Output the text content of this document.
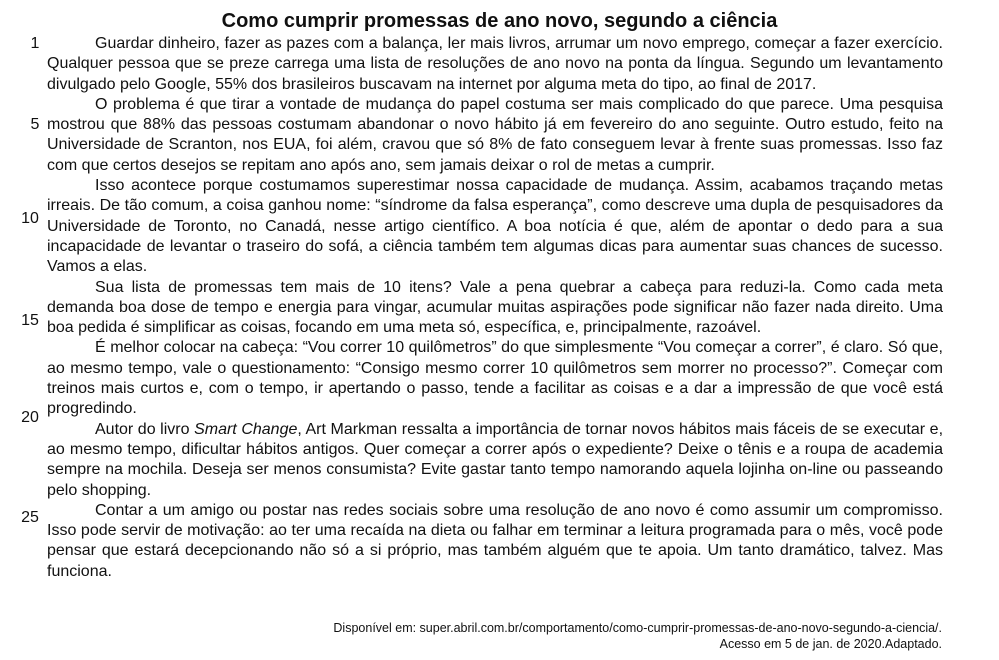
Como cumprir promessas de ano novo, segundo a ciência
1
5
10
15
20
25

Guardar dinheiro, fazer as pazes com a balança, ler mais livros, arrumar um novo emprego, começar a fazer exercício. Qualquer pessoa que se preze carrega uma lista de resoluções de ano novo na ponta da língua. Segundo um levantamento divulgado pelo Google, 55% dos brasileiros buscavam na internet por alguma meta do tipo, ao final de 2017.

O problema é que tirar a vontade de mudança do papel costuma ser mais complicado do que parece. Uma pesquisa mostrou que 88% das pessoas costumam abandonar o novo hábito já em fevereiro do ano seguinte. Outro estudo, feito na Universidade de Scranton, nos EUA, foi além, cravou que só 8% de fato conseguem levar à frente suas promessas. Isso faz com que certos desejos se repitam ano após ano, sem jamais deixar o rol de metas a cumprir.

Isso acontece porque costumamos superestimar nossa capacidade de mudança. Assim, acabamos traçando metas irreais. De tão comum, a coisa ganhou nome: “síndrome da falsa esperança”, como descreve uma dupla de pesquisadores da Universidade de Toronto, no Canadá, nesse artigo científico. A boa notícia é que, além de apontar o dedo para a sua incapacidade de levantar o traseiro do sofá, a ciência também tem algumas dicas para aumentar suas chances de sucesso. Vamos a elas.

Sua lista de promessas tem mais de 10 itens? Vale a pena quebrar a cabeça para reduzi-la. Como cada meta demanda boa dose de tempo e energia para vingar, acumular muitas aspirações pode significar não fazer nada direito. Uma boa pedida é simplificar as coisas, focando em uma meta só, específica, e, principalmente, razoável.

É melhor colocar na cabeça: “Vou correr 10 quilômetros” do que simplesmente “Vou começar a correr”, é claro. Só que, ao mesmo tempo, vale o questionamento: “Consigo mesmo correr 10 quilômetros sem morrer no processo?”. Começar com treinos mais curtos e, com o tempo, ir apertando o passo, tende a facilitar as coisas e a dar a impressão de que você está progredindo.

Autor do livro Smart Change, Art Markman ressalta a importância de tornar novos hábitos mais fáceis de se executar e, ao mesmo tempo, dificultar hábitos antigos. Quer começar a correr após o expediente? Deixe o tênis e a roupa de academia sempre na mochila. Deseja ser menos consumista? Evite gastar tanto tempo namorando aquela lojinha on-line ou passeando pelo shopping.

Contar a um amigo ou postar nas redes sociais sobre uma resolução de ano novo é como assumir um compromisso. Isso pode servir de motivação: ao ter uma recaída na dieta ou falhar em terminar a leitura programada para o mês, você pode pensar que estará decepcionando não só a si próprio, mas também alguém que te apoia. Um tanto dramático, talvez. Mas funciona.

Disponível em: super.abril.com.br/comportamento/como-cumprir-promessas-de-ano-novo-segundo-a-ciencia/.
Acesso em 5 de jan. de 2020.Adaptado.
